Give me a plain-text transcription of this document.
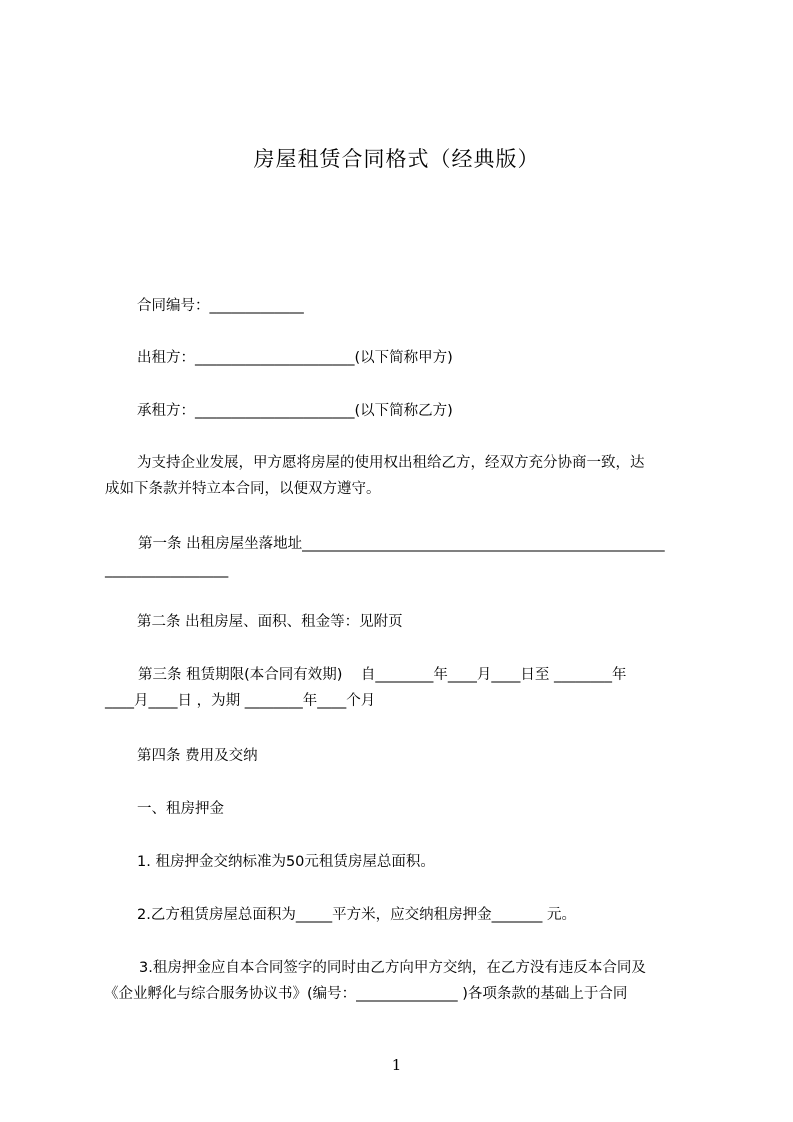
房屋租赁合同格式（经典版）
合同编号：_____________
出租方：______________________(以下简称甲方)
承租方：______________________(以下简称乙方)
为支持企业发展，甲方愿将房屋的使用权出租给乙方，经双方充分协商一致，达
成如下条款并特立本合同，以便双方遵守。
第一条 出租房屋坐落地址__________________________________________________
_________________
第二条 出租房屋、面积、租金等：见附页
第三条 租赁期限(本合同有效期)    自________年____月____日至 ________年
____月____日 ，为期 ________年____个月
第四条 费用及交纳
一、租房押金
1. 租房押金交纳标准为50元租赁房屋总面积。
2.乙方租赁房屋总面积为_____平方米，应交纳租房押金_______ 元。
3.租房押金应自本合同签字的同时由乙方向甲方交纳，在乙方没有违反本合同及
《企业孵化与综合服务协议书》(编号：______________ )各项条款的基础上于合同
1
